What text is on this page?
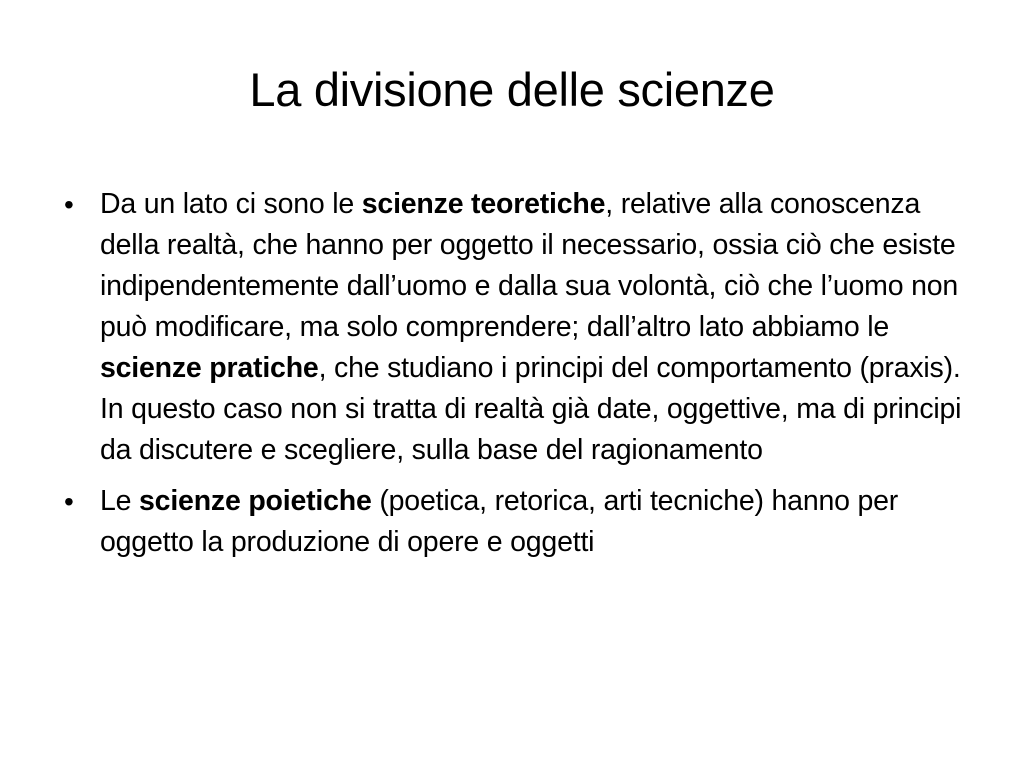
La divisione delle scienze
• Da un lato ci sono le scienze teoretiche, relative alla conoscenza della realtà, che hanno per oggetto il necessario, ossia ciò che esiste indipendentemente dall’uomo e dalla sua volontà, ciò che l’uomo non può modificare, ma solo comprendere; dall’altro lato abbiamo le scienze pratiche, che studiano i principi del comportamento (praxis). In questo caso non si tratta di realtà già date, oggettive, ma di principi da discutere e scegliere, sulla base del ragionamento
• Le scienze poietiche (poetica, retorica, arti tecniche) hanno per oggetto la produzione di opere e oggetti
